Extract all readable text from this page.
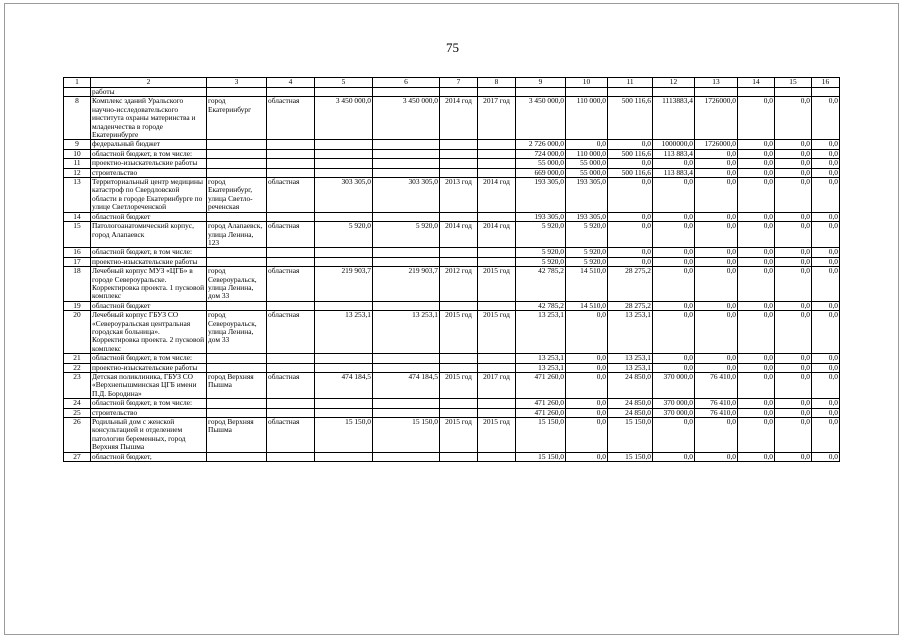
75
1	2	3	4	5	6	7	8	9	10	11	12	13	14	15	16
	работы														
8	Комплекс зданий Уральского научно-исследовательского института охраны материнства и младенчества в городе Екатеринбурге	город Екатеринбург	областная	3 450 000,0	3 450 000,0	2014 год	2017 год	3 450 000,0	110 000,0	500 116,6	1113883,4	1726000,0	0,0	0,0	0,0
9	федеральный бюджет							2 726 000,0	0,0	0,0	1000000,0	1726000,0	0,0	0,0	0,0
10	областной бюджет, в том числе:							724 000,0	110 000,0	500 116,6	113 883,4	0,0	0,0	0,0	0,0
11	проектно-изыскательские работы							55 000,0	55 000,0	0,0	0,0	0,0	0,0	0,0	0,0
12	строительство							669 000,0	55 000,0	500 116,6	113 883,4	0,0	0,0	0,0	0,0
13	Территориальный центр медицины катастроф по Свердловской области в городе Екатеринбурге по улице Светлореченской	город Екатеринбург, улица Светло-реченская	областная	303 305,0	303 305,0	2013 год	2014 год	193 305,0	193 305,0	0,0	0,0	0,0	0,0	0,0	0,0
14	областной бюджет							193 305,0	193 305,0	0,0	0,0	0,0	0,0	0,0	0,0
15	Патологоанатомический корпус, город Алапаевск	город Алапаевск, улица Ленина, 123	областная	5 920,0	5 920,0	2014 год	2014 год	5 920,0	5 920,0	0,0	0,0	0,0	0,0	0,0	0,0
16	областной бюджет, в том числе:							5 920,0	5 920,0	0,0	0,0	0,0	0,0	0,0	0,0
17	проектно-изыскательские работы							5 920,0	5 920,0	0,0	0,0	0,0	0,0	0,0	0,0
18	Лечебный корпус МУЗ «ЦГБ» в городе Североуральске. Корректировка проекта. 1 пусковой комплекс	город Североуральск, улица Ленина, дом 33	областная	219 903,7	219 903,7	2012 год	2015 год	42 785,2	14 510,0	28 275,2	0,0	0,0	0,0	0,0	0,0
19	областной бюджет							42 785,2	14 510,0	28 275,2	0,0	0,0	0,0	0,0	0,0
20	Лечебный корпус ГБУЗ СО «Североуральская центральная городская больница». Корректировка проекта. 2 пусковой комплекс	город Североуральск, улица Ленина, дом 33	областная	13 253,1	13 253,1	2015 год	2015 год	13 253,1	0,0	13 253,1	0,0	0,0	0,0	0,0	0,0
21	областной бюджет, в том числе:							13 253,1	0,0	13 253,1	0,0	0,0	0,0	0,0	0,0
22	проектно-изыскательские работы							13 253,1	0,0	13 253,1	0,0	0,0	0,0	0,0	0,0
23	Детская поликлиника, ГБУЗ СО «Верхнепышминская ЦГБ имени П.Д. Бородина»	город Верхняя Пышма	областная	474 184,5	474 184,5	2015 год	2017 год	471 260,0	0,0	24 850,0	370 000,0	76 410,0	0,0	0,0	0,0
24	областной бюджет, в том числе:							471 260,0	0,0	24 850,0	370 000,0	76 410,0	0,0	0,0	0,0
25	строительство							471 260,0	0,0	24 850,0	370 000,0	76 410,0	0,0	0,0	0,0
26	Родильный дом с женской консультацией и отделением патологии беременных, город Верхняя Пышма	город Верхняя Пышма	областная	15 150,0	15 150,0	2015 год	2015 год	15 150,0	0,0	15 150,0	0,0	0,0	0,0	0,0	0,0
27	областной бюджет,							15 150,0	0,0	15 150,0	0,0	0,0	0,0	0,0	0,0
